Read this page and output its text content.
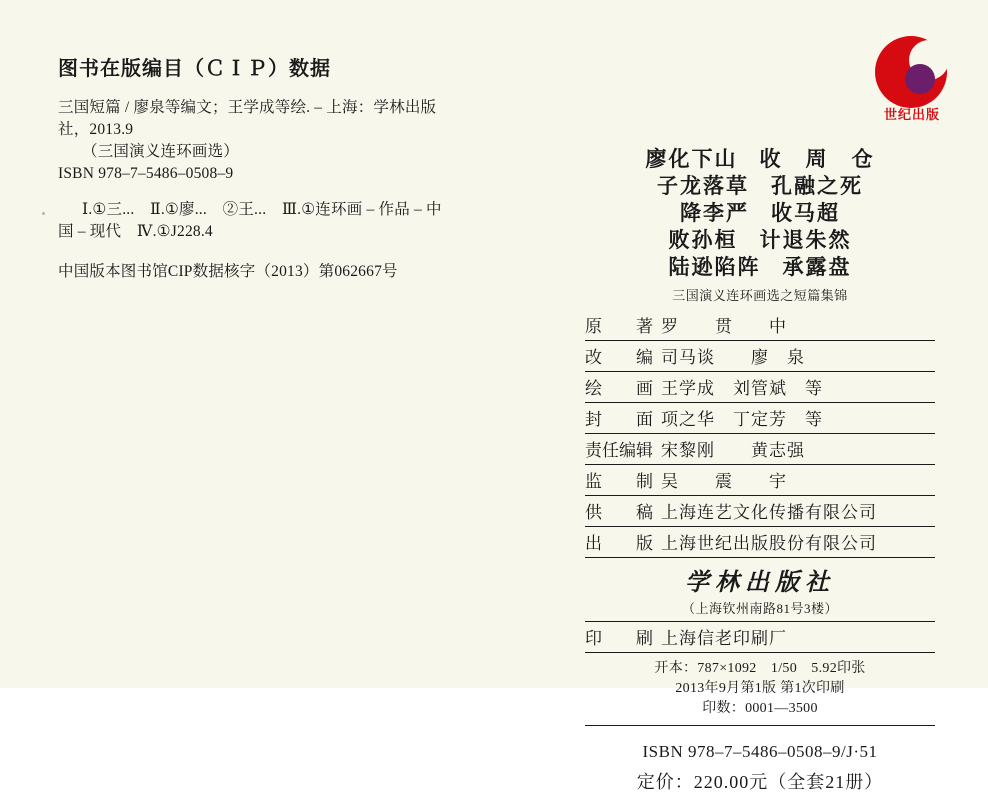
图书在版编目（ＣＩＰ）数据
三国短篇 / 廖泉等编文；王学成等绘. – 上海：学林出版
社，2013.9
（三国演义连环画选）
ISBN 978–7–5486–0508–9
Ⅰ.①三...　Ⅱ.①廖...　②王...　Ⅲ.①连环画 – 作品 – 中
国 – 现代　Ⅳ.①J228.4
中国版本图书馆CIP数据核字（2013）第062667号
世纪出版
廖化下山 收　周　仓
子龙落草 孔融之死
降李严 收马超
败孙桓 计退朱然
陆逊陷阵 承露盘
三国演义连环画选之短篇集锦
原　　著	罗　　贯　　中
改　　编	司马谈　　廖　泉
绘　　画	王学成　刘管斌　等
封　　面	项之华　丁定芳　等
责任编辑	宋黎刚　　黄志强
监　　制	吴　　震　　宇
供　　稿	上海连艺文化传播有限公司
出　　版	上海世纪出版股份有限公司
学林出版社
（上海钦州南路81号3楼）
印　　刷	上海信老印刷厂
开本：787×1092　1/50　5.92印张
2013年9月第1版 第1次印刷
印数：0001—3500
ISBN 978–7–5486–0508–9/J·51
定价：220.00元（全套21册）
